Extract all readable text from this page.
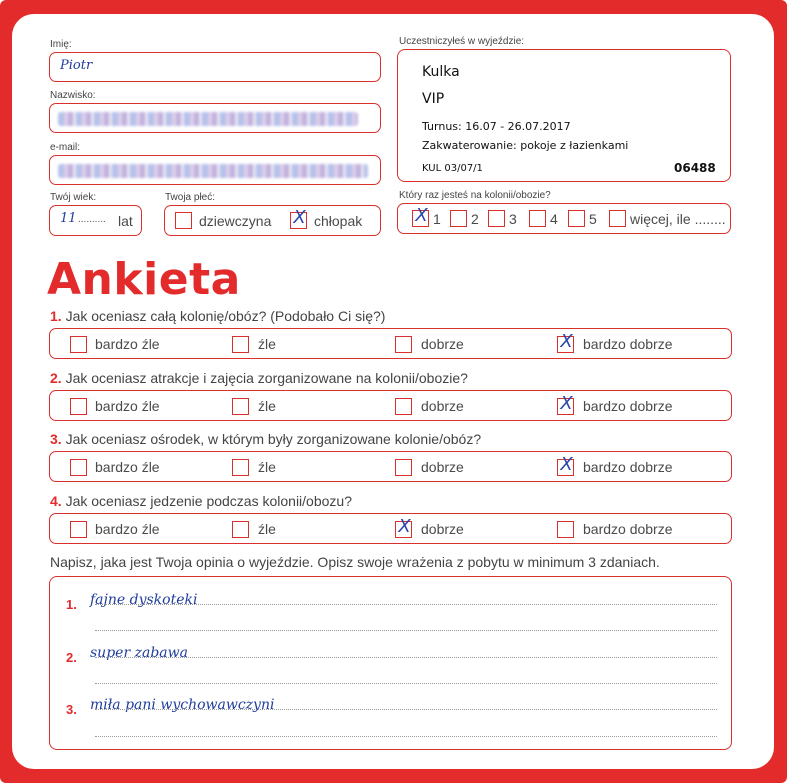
Imię:
Piotr
Nazwisko:
e-mail:
Twój wiek:
11 .......... lat
Twoja płeć:
dziewczyna X chłopak
Uczestniczyłeś w wyjeździe:
Kulka
VIP
Turnus: 16.07 - 26.07.2017
Zakwaterowanie: pokoje z łazienkami
KUL 03/07/1	06488
Który raz jesteś na kolonii/obozie?
X 1 2 3 4 5 więcej, ile ........
Ankieta
1. Jak oceniasz całą kolonię/obóz? (Podobało Ci się?)
bardzo źle	źle	dobrze	X bardzo dobrze
2. Jak oceniasz atrakcje i zajęcia zorganizowane na kolonii/obozie?
bardzo źle	źle	dobrze	X bardzo dobrze
3. Jak oceniasz ośrodek, w którym były zorganizowane kolonie/obóz?
bardzo źle	źle	dobrze	X bardzo dobrze
4. Jak oceniasz jedzenie podczas kolonii/obozu?
bardzo źle	źle	X dobrze	bardzo dobrze
Napisz, jaka jest Twoja opinia o wyjeździe. Opisz swoje wrażenia z pobytu w minimum 3 zdaniach.
1. fajne dyskoteki
2. super zabawa
3. miła pani wychowawczyni
